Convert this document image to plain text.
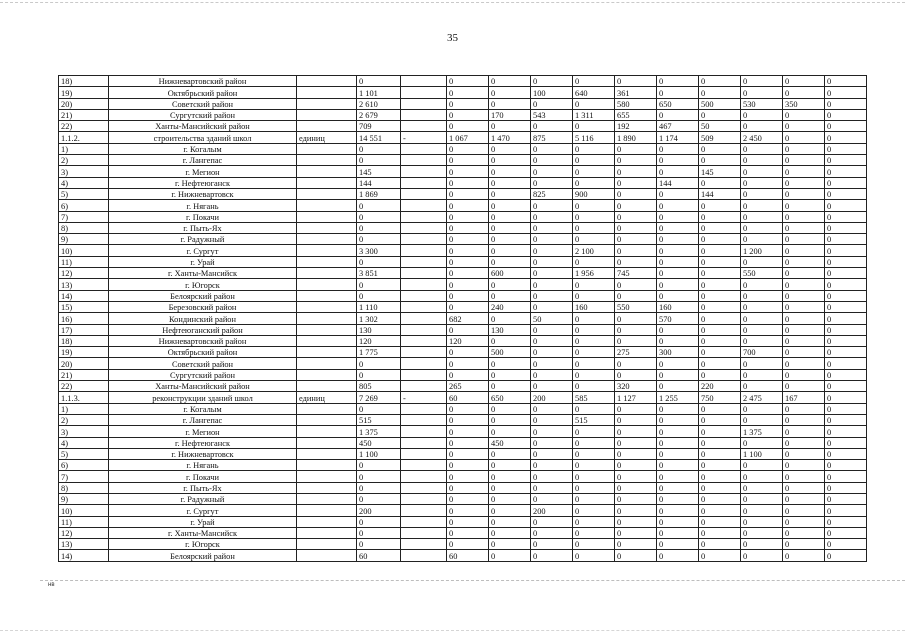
35
18)	Нижневартовский район		0		0	0	0	0	0	0	0	0	0	0
19)	Октябрьский район		1 101		0	0	100	640	361	0	0	0	0	0
20)	Советский район		2 610		0	0	0	0	580	650	500	530	350	0
21)	Сургутский район		2 679		0	170	543	1 311	655	0	0	0	0	0
22)	Ханты-Мансийский район		709		0	0	0	0	192	467	50	0	0	0
1.1.2.	строительства зданий школ	единиц	14 551	-	1 067	1 470	875	5 116	1 890	1 174	509	2 450	0	0
1)	г. Когалым		0		0	0	0	0	0	0	0	0	0	0
2)	г. Лангепас		0		0	0	0	0	0	0	0	0	0	0
3)	г. Мегион		145		0	0	0	0	0	0	145	0	0	0
4)	г. Нефтеюганск		144		0	0	0	0	0	144	0	0	0	0
5)	г. Нижневартовск		1 869		0	0	825	900	0	0	144	0	0	0
6)	г. Нягань		0		0	0	0	0	0	0	0	0	0	0
7)	г. Покачи		0		0	0	0	0	0	0	0	0	0	0
8)	г. Пыть-Ях		0		0	0	0	0	0	0	0	0	0	0
9)	г. Радужный		0		0	0	0	0	0	0	0	0	0	0
10)	г. Сургут		3 300		0	0	0	2 100	0	0	0	1 200	0	0
11)	г. Урай		0		0	0	0	0	0	0	0	0	0	0
12)	г. Ханты-Мансийск		3 851		0	600	0	1 956	745	0	0	550	0	0
13)	г. Югорск		0		0	0	0	0	0	0	0	0	0	0
14)	Белоярский район		0		0	0	0	0	0	0	0	0	0	0
15)	Березовский район		1 110		0	240	0	160	550	160	0	0	0	0
16)	Кондинский район		1 302		682	0	50	0	0	570	0	0	0	0
17)	Нефтеюганский район		130		0	130	0	0	0	0	0	0	0	0
18)	Нижневартовский район		120		120	0	0	0	0	0	0	0	0	0
19)	Октябрьский район		1 775		0	500	0	0	275	300	0	700	0	0
20)	Советский район		0		0	0	0	0	0	0	0	0	0	0
21)	Сургутский район		0		0	0	0	0	0	0	0	0	0	0
22)	Ханты-Мансийский район		805		265	0	0	0	320	0	220	0	0	0
1.1.3.	реконструкции зданий школ	единиц	7 269	-	60	650	200	585	1 127	1 255	750	2 475	167	0
1)	г. Когалым		0		0	0	0	0	0	0	0	0	0	0
2)	г. Лангепас		515		0	0	0	515	0	0	0	0	0	0
3)	г. Мегион		1 375		0	0	0	0	0	0	0	1 375	0	0
4)	г. Нефтеюганск		450		0	450	0	0	0	0	0	0	0	0
5)	г. Нижневартовск		1 100		0	0	0	0	0	0	0	1 100	0	0
6)	г. Нягань		0		0	0	0	0	0	0	0	0	0	0
7)	г. Покачи		0		0	0	0	0	0	0	0	0	0	0
8)	г. Пыть-Ях		0		0	0	0	0	0	0	0	0	0	0
9)	г. Радужный		0		0	0	0	0	0	0	0	0	0	0
10)	г. Сургут		200		0	0	200	0	0	0	0	0	0	0
11)	г. Урай		0		0	0	0	0	0	0	0	0	0	0
12)	г. Ханты-Мансийск		0		0	0	0	0	0	0	0	0	0	0
13)	г. Югорск		0		0	0	0	0	0	0	0	0	0	0
14)	Белоярский район		60		60	0	0	0	0	0	0	0	0	0
нв
